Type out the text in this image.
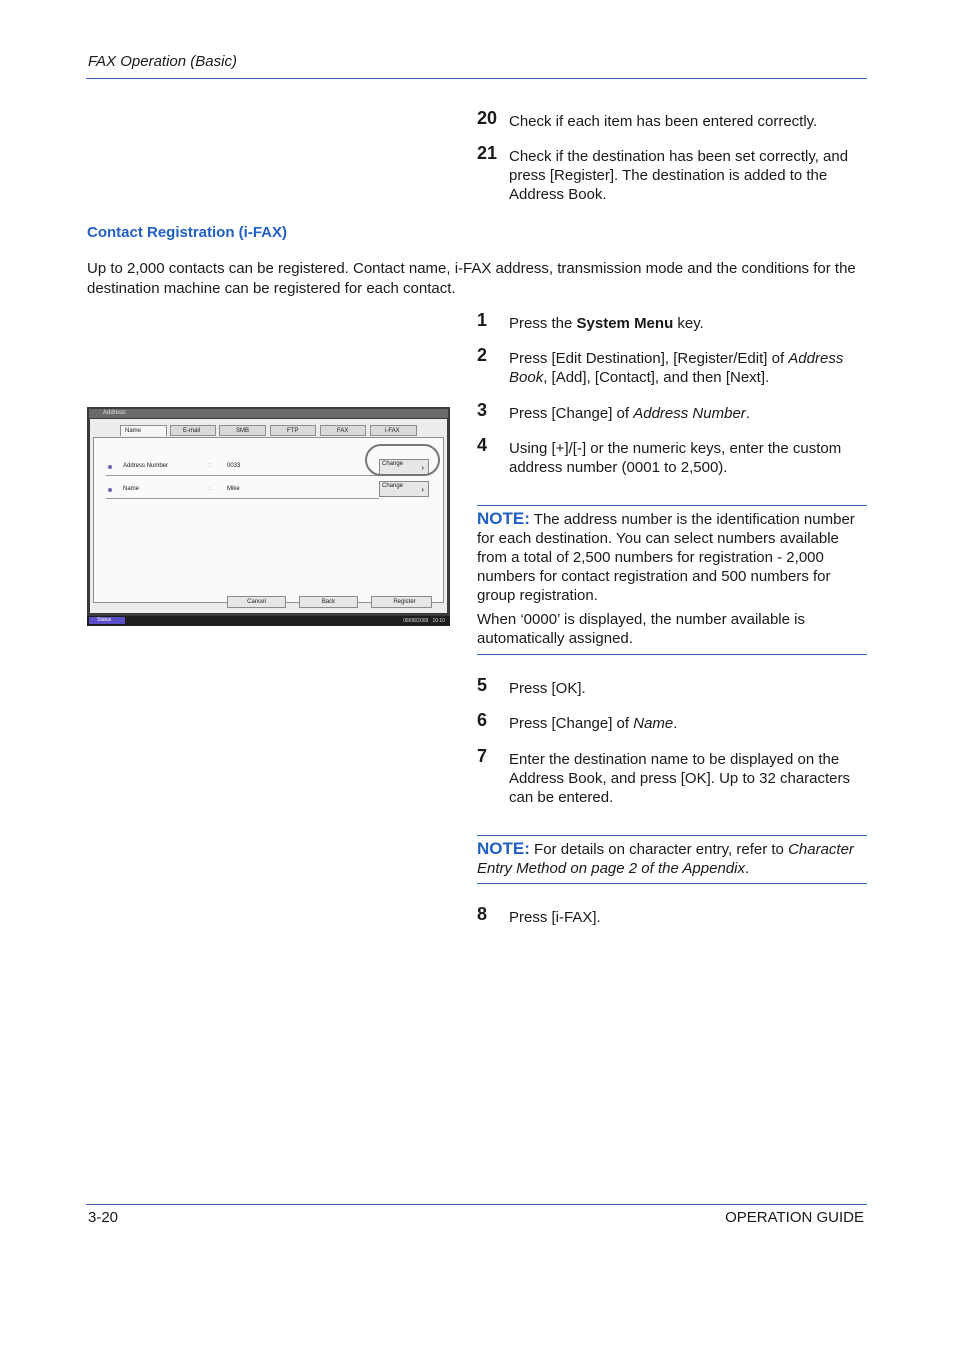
FAX Operation (Basic)
20 Check if each item has been entered correctly.
21 Check if the destination has been set correctly, and press [Register]. The destination is added to the Address Book.
Contact Registration (i-FAX)
Up to 2,000 contacts can be registered. Contact name, i-FAX address, transmission mode and the conditions for the destination machine can be registered for each contact.
1 Press the System Menu key.
2 Press [Edit Destination], [Register/Edit] of Address Book, [Add], [Contact], and then [Next].
3 Press [Change] of Address Number.
4 Using [+]/[-] or the numeric keys, enter the custom address number (0001 to 2,500).
NOTE: The address number is the identification number for each destination. You can select numbers available from a total of 2,500 numbers for registration - 2,000 numbers for contact registration and 500 numbers for group registration.
When ‘0000’ is displayed, the number available is automatically assigned.
5 Press [OK].
6 Press [Change] of Name.
7 Enter the destination name to be displayed on the Address Book, and press [OK]. Up to 32 characters can be entered.
NOTE: For details on character entry, refer to Character Entry Method on page 2 of the Appendix.
8 Press [i-FAX].
Address:
Name	E-mail	SMB	FTP	FAX	i-FAX
Address Number	:	0033
Name	:	Mike
Change ›
Change ›
Cancel	Back	Register
Status	08/08/2009 10:10
3-20	OPERATION GUIDE
